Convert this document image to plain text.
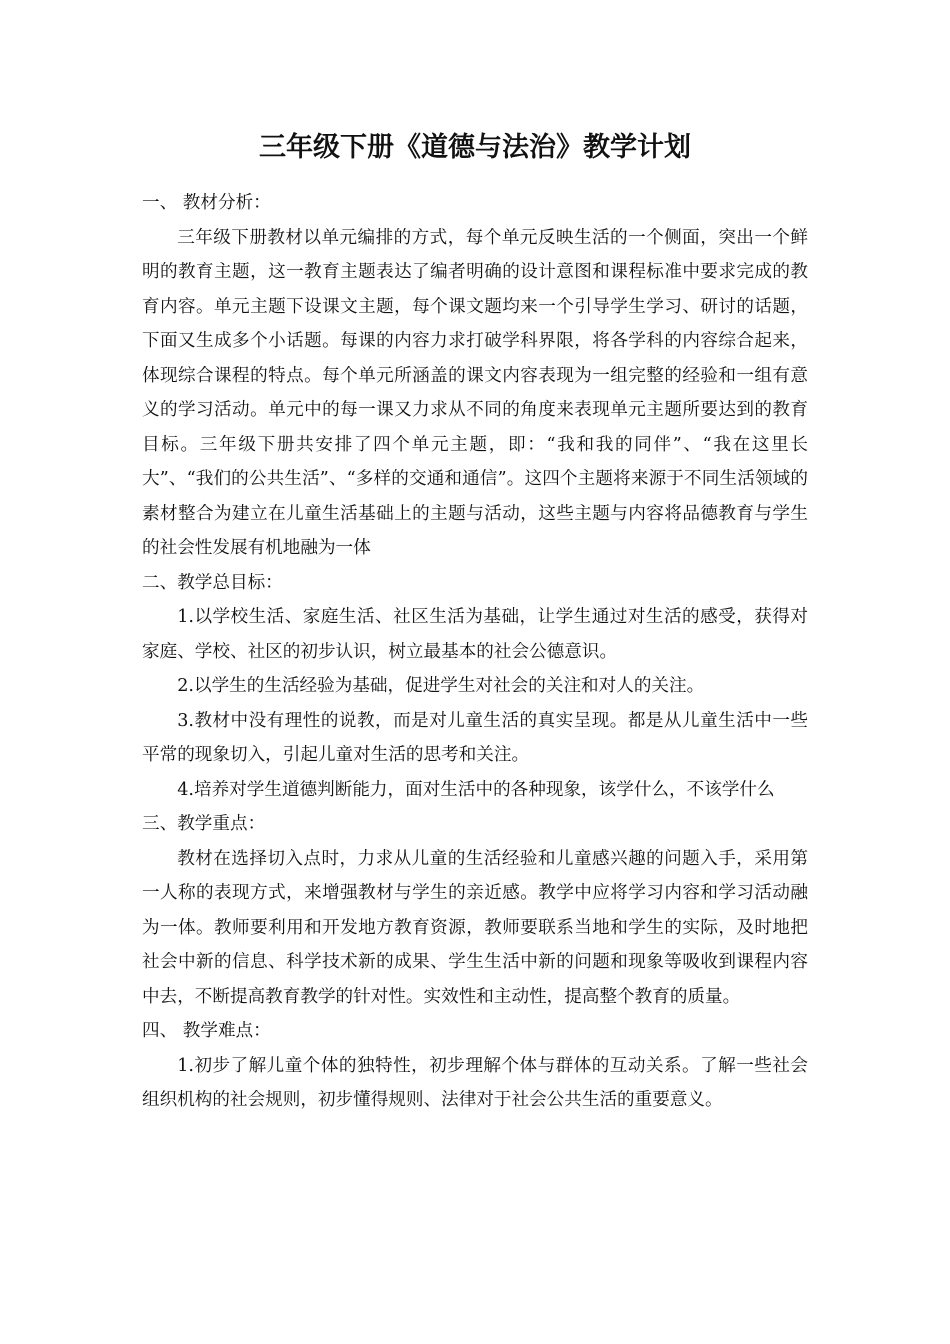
三年级下册《道德与法治》教学计划

一、 教材分析：

三年级下册教材以单元编排的方式，每个单元反映生活的一个侧面，突出一个鲜明的教育主题，这一教育主题表达了编者明确的设计意图和课程标准中要求完成的教育内容。单元主题下设课文主题，每个课文题均来一个引导学生学习、研讨的话题，下面又生成多个小话题。每课的内容力求打破学科界限，将各学科的内容综合起来，体现综合课程的特点。每个单元所涵盖的课文内容表现为一组完整的经验和一组有意义的学习活动。单元中的每一课又力求从不同的角度来表现单元主题所要达到的教育目标。三年级下册共安排了四个单元主题，即：“我和我的同伴”、“我在这里长大”、“我们的公共生活”、“多样的交通和通信”。这四个主题将来源于不同生活领域的素材整合为建立在儿童生活基础上的主题与活动，这些主题与内容将品德教育与学生的社会性发展有机地融为一体

二、教学总目标：

1.以学校生活、家庭生活、社区生活为基础，让学生通过对生活的感受，获得对家庭、学校、社区的初步认识，树立最基本的社会公德意识。

2.以学生的生活经验为基础，促进学生对社会的关注和对人的关注。

3.教材中没有理性的说教，而是对儿童生活的真实呈现。都是从儿童生活中一些平常的现象切入，引起儿童对生活的思考和关注。

4.培养对学生道德判断能力，面对生活中的各种现象，该学什么，不该学什么

三、教学重点：

教材在选择切入点时，力求从儿童的生活经验和儿童感兴趣的问题入手，采用第一人称的表现方式，来增强教材与学生的亲近感。教学中应将学习内容和学习活动融为一体。教师要利用和开发地方教育资源，教师要联系当地和学生的实际，及时地把社会中新的信息、科学技术新的成果、学生生活中新的问题和现象等吸收到课程内容中去，不断提高教育教学的针对性。实效性和主动性，提高整个教育的质量。

四、 教学难点：

1.初步了解儿童个体的独特性，初步理解个体与群体的互动关系。了解一些社会组织机构的社会规则，初步懂得规则、法律对于社会公共生活的重要意义。
